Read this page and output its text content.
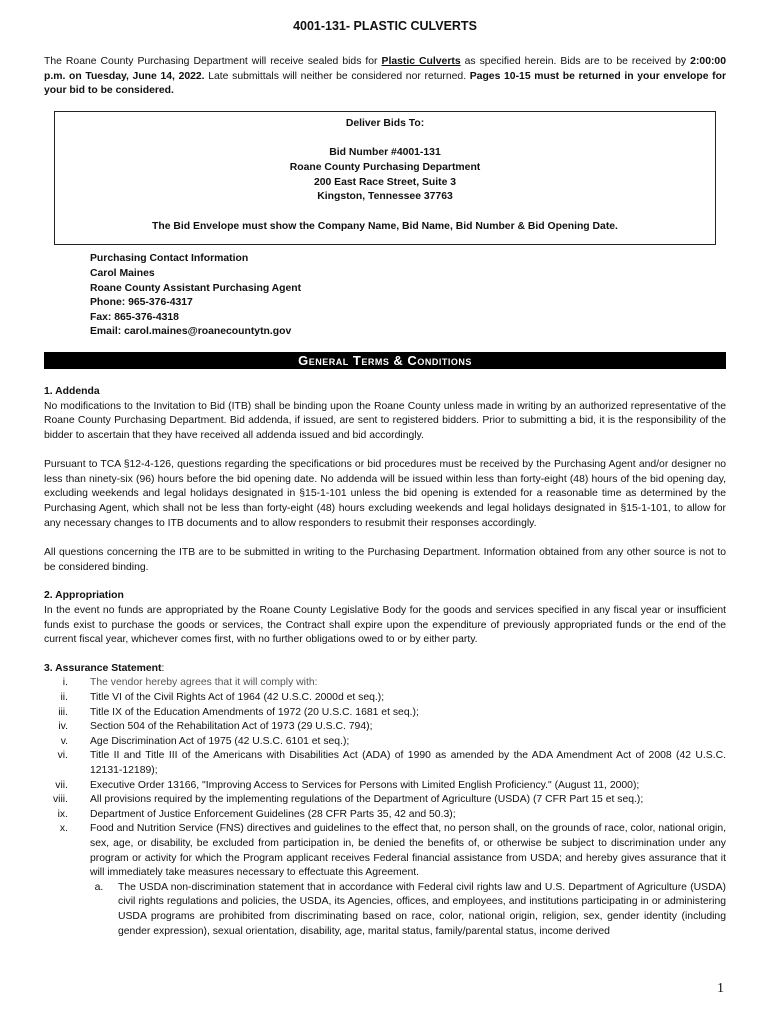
4001-131- PLASTIC CULVERTS

The Roane County Purchasing Department will receive sealed bids for Plastic Culverts as specified herein. Bids are to be received by 2:00:00 p.m. on Tuesday, June 14, 2022. Late submittals will neither be considered nor returned. Pages 10-15 must be returned in your envelope for your bid to be considered.

Deliver Bids To:
Bid Number #4001-131
Roane County Purchasing Department
200 East Race Street, Suite 3
Kingston, Tennessee 37763
The Bid Envelope must show the Company Name, Bid Name, Bid Number & Bid Opening Date.
Purchasing Contact Information
Carol Maines
Roane County Assistant Purchasing Agent
Phone: 965-376-4317
Fax: 865-376-4318
Email: carol.maines@roanecountytn.gov
General Terms & Conditions
1. Addenda

No modifications to the Invitation to Bid (ITB) shall be binding upon the Roane County unless made in writing by an authorized representative of the Roane County Purchasing Department. Bid addenda, if issued, are sent to registered bidders. Prior to submitting a bid, it is the responsibility of the bidder to ascertain that they have received all addenda issued and bid accordingly.

Pursuant to TCA §12-4-126, questions regarding the specifications or bid procedures must be received by the Purchasing Agent and/or designer no less than ninety-six (96) hours before the bid opening date. No addenda will be issued within less than forty-eight (48) hours of the bid opening day, excluding weekends and legal holidays designated in §15-1-101 unless the bid opening is extended for a reasonable time as determined by the Purchasing Agent, which shall not be less than forty-eight (48) hours excluding weekends and legal holidays designated in §15-1-101, to allow for any necessary changes to ITB documents and to allow responders to resubmit their responses accordingly.

All questions concerning the ITB are to be submitted in writing to the Purchasing Department. Information obtained from any other source is not to be considered binding.

2. Appropriation

In the event no funds are appropriated by the Roane County Legislative Body for the goods and services specified in any fiscal year or insufficient funds exist to purchase the goods or services, the Contract shall expire upon the expenditure of previously appropriated funds or the end of the current fiscal year, whichever comes first, with no further obligations owed to or by either party.

3. Assurance Statement:
i. The vendor hereby agrees that it will comply with:
ii. Title VI of the Civil Rights Act of 1964 (42 U.S.C. 2000d et seq.);
iii. Title IX of the Education Amendments of 1972 (20 U.S.C. 1681 et seq.);
iv. Section 504 of the Rehabilitation Act of 1973 (29 U.S.C. 794);
v. Age Discrimination Act of 1975 (42 U.S.C. 6101 et seq.);
vi. Title II and Title III of the Americans with Disabilities Act (ADA) of 1990 as amended by the ADA Amendment Act of 2008 (42 U.S.C. 12131-12189);
vii. Executive Order 13166, "Improving Access to Services for Persons with Limited English Proficiency." (August 11, 2000);
viii. All provisions required by the implementing regulations of the Department of Agriculture (USDA) (7 CFR Part 15 et seq.);
ix. Department of Justice Enforcement Guidelines (28 CFR Parts 35, 42 and 50.3);
x. Food and Nutrition Service (FNS) directives and guidelines to the effect that, no person shall, on the grounds of race, color, national origin, sex, age, or disability, be excluded from participation in, be denied the benefits of, or otherwise be subject to discrimination under any program or activity for which the Program applicant receives Federal financial assistance from USDA; and hereby gives assurance that it will immediately take measures necessary to effectuate this Agreement.
a.	The USDA non-discrimination statement that in accordance with Federal civil rights law and U.S. Department of Agriculture (USDA) civil rights regulations and policies, the USDA, its Agencies, offices, and employees, and institutions participating in or administering USDA programs are prohibited from discriminating based on race, color, national origin, religion, sex, gender identity (including gender expression), sexual orientation, disability, age, marital status, family/parental status, income derived
1
